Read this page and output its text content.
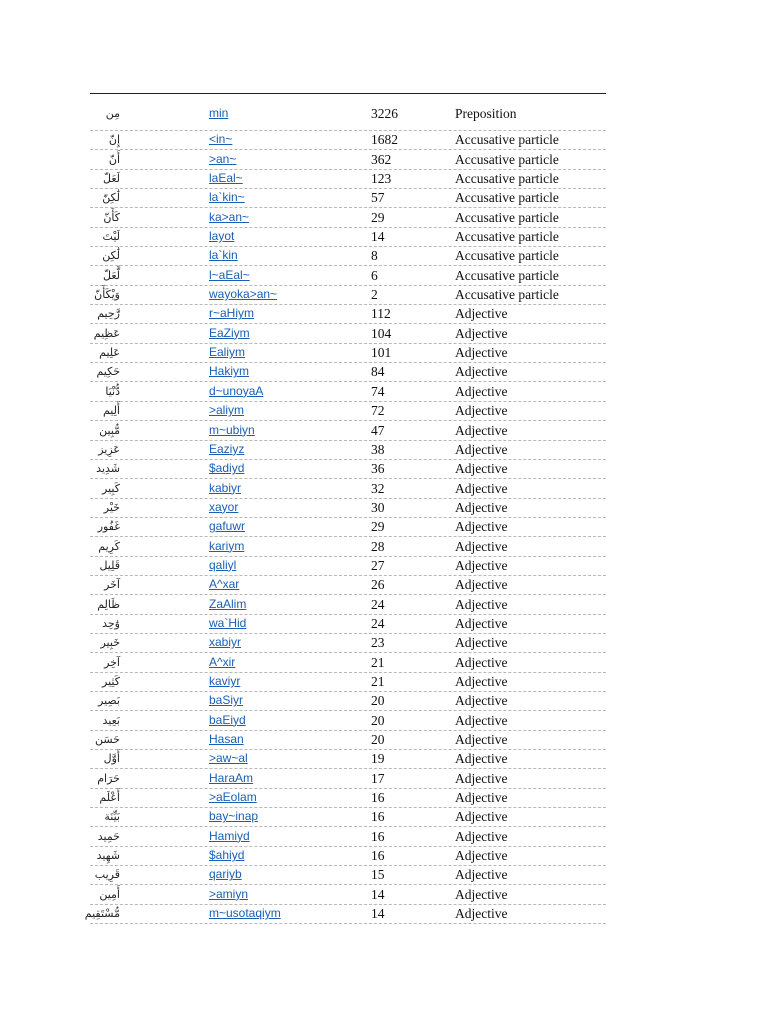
مِن	min	3226	Preposition
إِنّ	<in~	1682	Accusative particle
أَنّ	>an~	362	Accusative particle
لَعَلّ	laEal~	123	Accusative particle
لَٰكِنّ	la`kin~	57	Accusative particle
كَأَنّ	ka>an~	29	Accusative particle
لَيْتَ	layot	14	Accusative particle
لَٰكِن	la`kin	8	Accusative particle
لَّعَلّ	l~aEal~	6	Accusative particle
وَيْكَأَنّ	wayoka>an~	2	Accusative particle
رَّحِيم	r~aHiym	112	Adjective
عَظِيم	EaZiym	104	Adjective
عَلِيم	Ealiym	101	Adjective
حَكِيم	Hakiym	84	Adjective
دُّنْيَا	d~unoyaA	74	Adjective
أَلِيم	>aliym	72	Adjective
مُّبِين	m~ubiyn	47	Adjective
عَزِيز	Eaziyz	38	Adjective
شَدِيد	$adiyd	36	Adjective
كَبِير	kabiyr	32	Adjective
خَيْر	xayor	30	Adjective
غَفُور	gafuwr	29	Adjective
كَرِيم	kariym	28	Adjective
قَلِيل	qaliyl	27	Adjective
آخَر	A^xar	26	Adjective
ظَالِم	ZaAlim	24	Adjective
وَٰحِد	wa`Hid	24	Adjective
خَبِير	xabiyr	23	Adjective
آخِر	A^xir	21	Adjective
كَثِير	kaviyr	21	Adjective
بَصِير	baSiyr	20	Adjective
بَعِيد	baEiyd	20	Adjective
حَسَن	Hasan	20	Adjective
أَوَّل	>aw~al	19	Adjective
حَرَام	HaraAm	17	Adjective
أَعْلَم	>aEolam	16	Adjective
بَيِّنَة	bay~inap	16	Adjective
حَمِيد	Hamiyd	16	Adjective
شَهِيد	$ahiyd	16	Adjective
قَرِيب	qariyb	15	Adjective
أَمِين	>amiyn	14	Adjective
مُّسْتَقِيم	m~usotaqiym	14	Adjective
